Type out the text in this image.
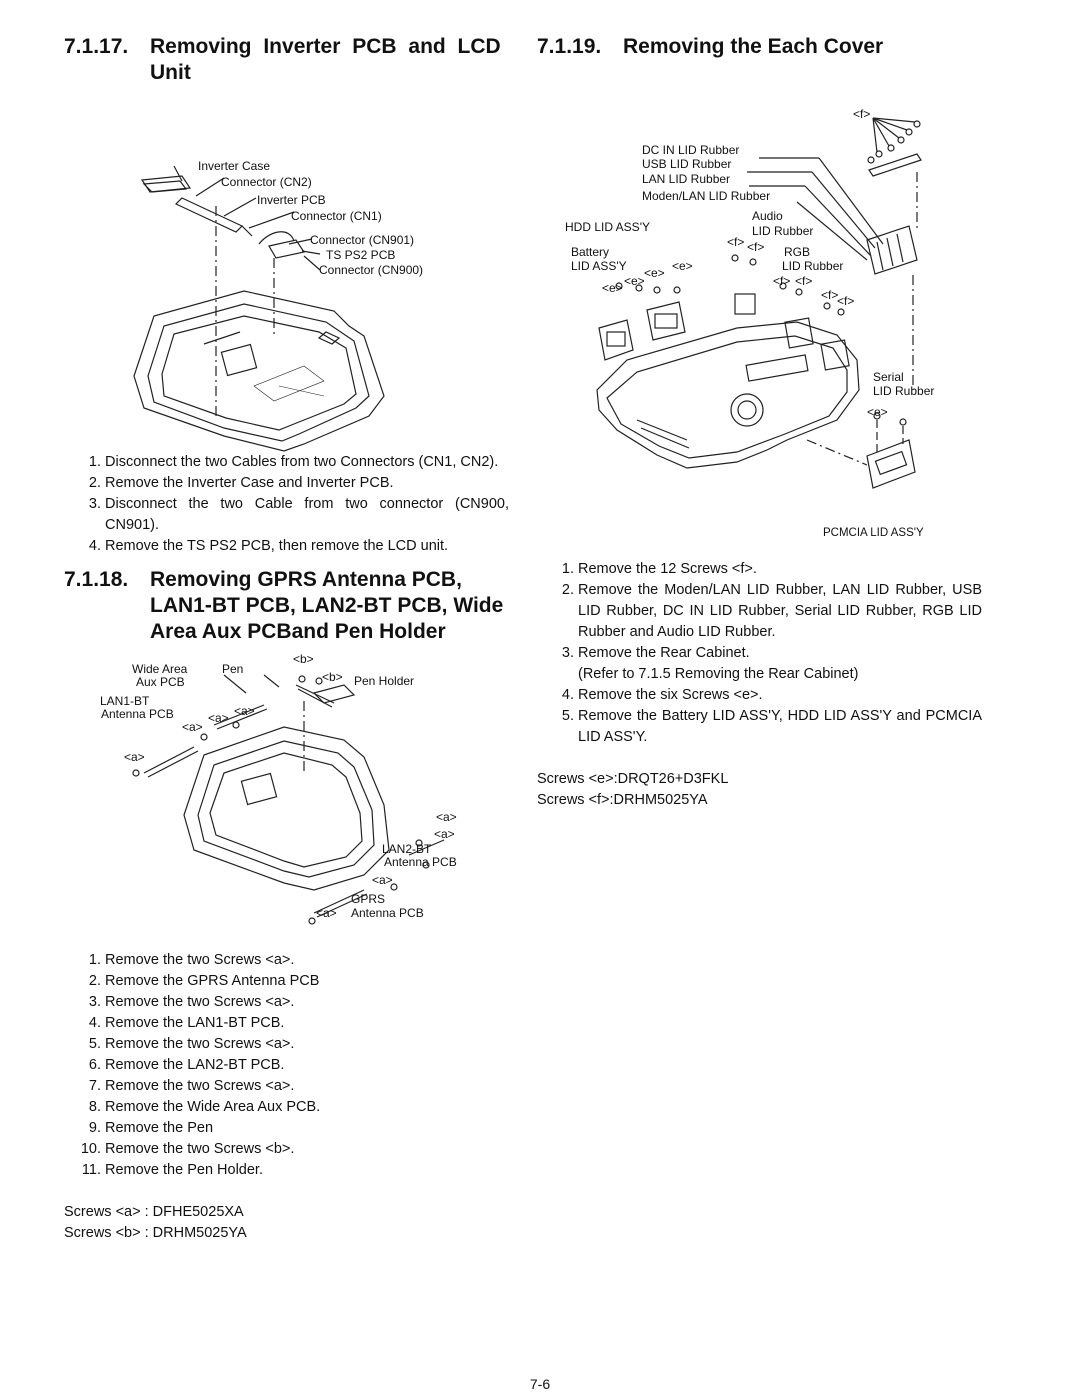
7.1.17.	Removing Inverter PCB and LCD Unit
Inverter Case
Connector (CN2)
Inverter PCB
Connector (CN1)
Connector (CN901)
TS PS2 PCB
Connector (CN900)
1. Disconnect the two Cables from two Connectors (CN1, CN2).
2. Remove the Inverter Case and Inverter PCB.
3. Disconnect the two Cable from two connector (CN900, CN901).
4. Remove the TS PS2 PCB, then remove the LCD unit.
7.1.18.	Removing GPRS Antenna PCB, LAN1-BT PCB, LAN2-BT PCB, Wide Area Aux PCBand Pen Holder
Wide Area
Aux PCB
Pen
<b>
<b> Pen Holder
LAN1-BT
Antenna PCB	<a>
<a>
<a>
<a>
<a>
<a>
LAN2-BT
Antenna PCB
<a>
GPRS
<a> Antenna PCB
1. Remove the two Screws <a>.
2. Remove the GPRS Antenna PCB
3. Remove the two Screws <a>.
4. Remove the LAN1-BT PCB.
5. Remove the two Screws <a>.
6. Remove the LAN2-BT PCB.
7. Remove the two Screws <a>.
8. Remove the Wide Area Aux PCB.
9. Remove the Pen
10. Remove the two Screws <b>.
11. Remove the Pen Holder.
Screws <a> : DFHE5025XA
Screws <b> : DRHM5025YA
7.1.19.	Removing the Each Cover
<f>
DC IN LID Rubber
USB LID Rubber
LAN LID Rubber
Moden/LAN LID Rubber
HDD LID ASS'Y
Audio
LID Rubber
<f> <f>
Battery
LID ASS'Y	<e>
<e>
<e>
<e>
RGB
LID Rubber
<f> <f>
<f>
<f>
Serial
LID Rubber
<e>
PCMCIA LID ASS'Y
1. Remove the 12 Screws <f>.
2. Remove the Moden/LAN LID Rubber, LAN LID Rubber, USB LID Rubber, DC IN LID Rubber, Serial LID Rubber, RGB LID Rubber and Audio LID Rubber.
3. Remove the Rear Cabinet.
(Refer to 7.1.5 Removing the Rear Cabinet)
4. Remove the six Screws <e>.
5. Remove the Battery LID ASS'Y, HDD LID ASS'Y and PCMCIA LID ASS'Y.
Screws <e>:DRQT26+D3FKL
Screws <f>:DRHM5025YA
7-6
